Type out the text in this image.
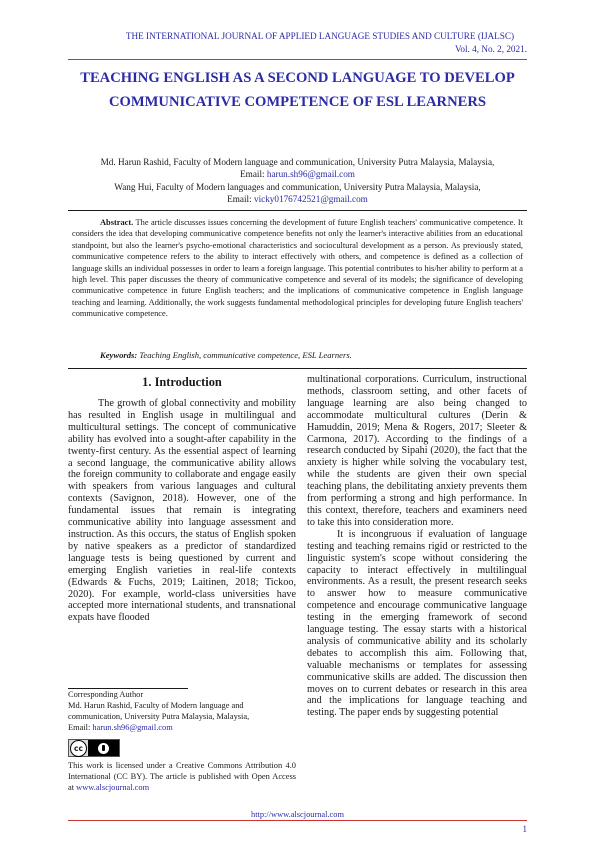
THE INTERNATIONAL JOURNAL OF APPLIED LANGUAGE STUDIES AND CULTURE (IJALSC)
Vol. 4, No. 2, 2021.
TEACHING ENGLISH AS A SECOND LANGUAGE TO DEVELOP COMMUNICATIVE COMPETENCE OF ESL LEARNERS
Md. Harun Rashid, Faculty of Modern language and communication, University Putra Malaysia, Malaysia,
Email: harun.sh96@gmail.com
Wang Hui, Faculty of Modern languages and communication, University Putra Malaysia, Malaysia,
Email: vicky0176742521@gmail.com

Abstract. The article discusses issues concerning the development of future English teachers' communicative competence. It considers the idea that developing communicative competence benefits not only the learner's interactive abilities from an educational standpoint, but also the learner's psycho-emotional characteristics and sociocultural development as a person. As previously stated, communicative competence refers to the ability to interact effectively with others, and competence is defined as a collection of language skills an individual possesses in order to learn a foreign language. This potential contributes to his/her ability to perform at a high level. This paper discusses the theory of communicative competence and several of its models; the significance of developing communicative competence in future English teachers; and the implications of communicative competence in English language teaching and learning. Additionally, the work suggests fundamental methodological principles for developing future English teachers' communicative competence.

Keywords: Teaching English, communicative competence, ESL Learners.

1. Introduction

The growth of global connectivity and mobility has resulted in English usage in multilingual and multicultural settings. The concept of communicative ability has evolved into a sought-after capability in the twenty-first century. As the essential aspect of learning a second language, the communicative ability allows the foreign community to collaborate and engage easily with speakers from various languages and cultural contexts (Savignon, 2018). However, one of the fundamental issues that remain is integrating communicative ability into language assessment and instruction. As this occurs, the status of English spoken by native speakers as a predictor of standardized language tests is being questioned by current and emerging English varieties in real-life contexts (Edwards & Fuchs, 2019; Laitinen, 2018; Tickoo, 2020). For example, world-class universities have accepted more international students, and transnational expats have flooded

multinational corporations. Curriculum, instructional methods, classroom setting, and other facets of language learning are also being changed to accommodate multicultural cultures (Derin & Hamuddin, 2019; Mena & Rogers, 2017; Sleeter & Carmona, 2017). According to the findings of a research conducted by Sipahi (2020), the fact that the anxiety is higher while solving the vocabulary test, while the students are given their own special teaching plans, the debilitating anxiety prevents them from performing a strong and high performance. In this context, therefore, teachers and examiners need to take this into consideration more.

It is incongruous if evaluation of language testing and teaching remains rigid or restricted to the linguistic system's scope without considering the capacity to interact effectively in multilingual environments. As a result, the present research seeks to answer how to measure communicative competence and encourage communicative language testing in the emerging framework of second language testing. The essay starts with a historical analysis of communicative ability and its scholarly debates to accomplish this aim. Following that, valuable mechanisms or templates for assessing communicative skills are added. The discussion then moves on to current debates or research in this area and the implications for language teaching and testing. The paper ends by suggesting potential

Corresponding Author
Md. Harun Rashid, Faculty of Modern language and communication, University Putra Malaysia, Malaysia,
Email: harun.sh96@gmail.com
cc

This work is licensed under a Creative Commons Attribution 4.0 International (CC BY). The article is published with Open Access at www.alscjournal.com

http://www.alscjournal.com
1
